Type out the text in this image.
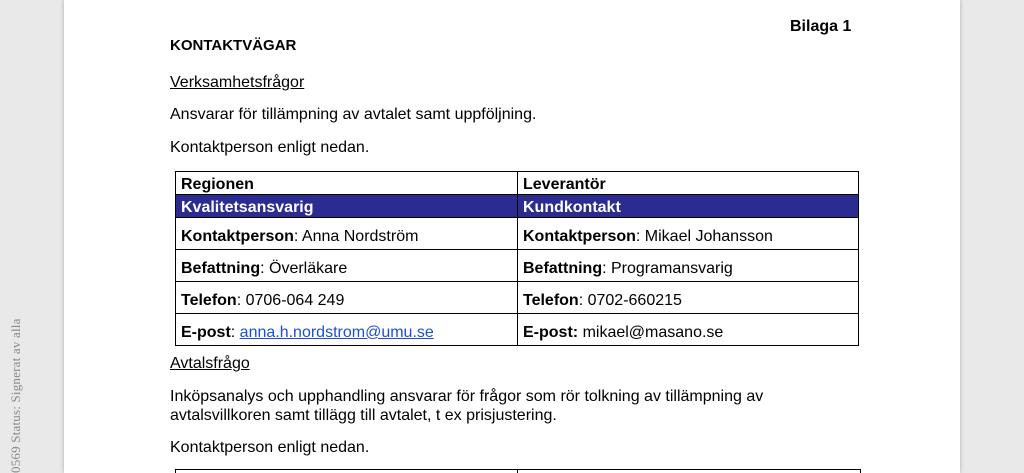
0569 Status: Signerat av alla
Bilaga 1
KONTAKTVÄGAR
Verksamhetsfrågor
Ansvarar för tillämpning av avtalet samt uppföljning.
Kontaktperson enligt nedan.
Regionen	Leverantör
Kvalitetsansvarig	Kundkontakt
Kontaktperson: Anna Nordström	Kontaktperson: Mikael Johansson
Befattning: Överläkare	Befattning: Programansvarig
Telefon: 0706-064 249	Telefon: 0702-660215
E-post: anna.h.nordstrom@umu.se	E-post: mikael@masano.se
Avtalsfrågo
Inköpsanalys och upphandling ansvarar för frågor som rör tolkning av tillämpning av avtalsvillkoren samt tillägg till avtalet, t ex prisjustering.
Kontaktperson enligt nedan.
